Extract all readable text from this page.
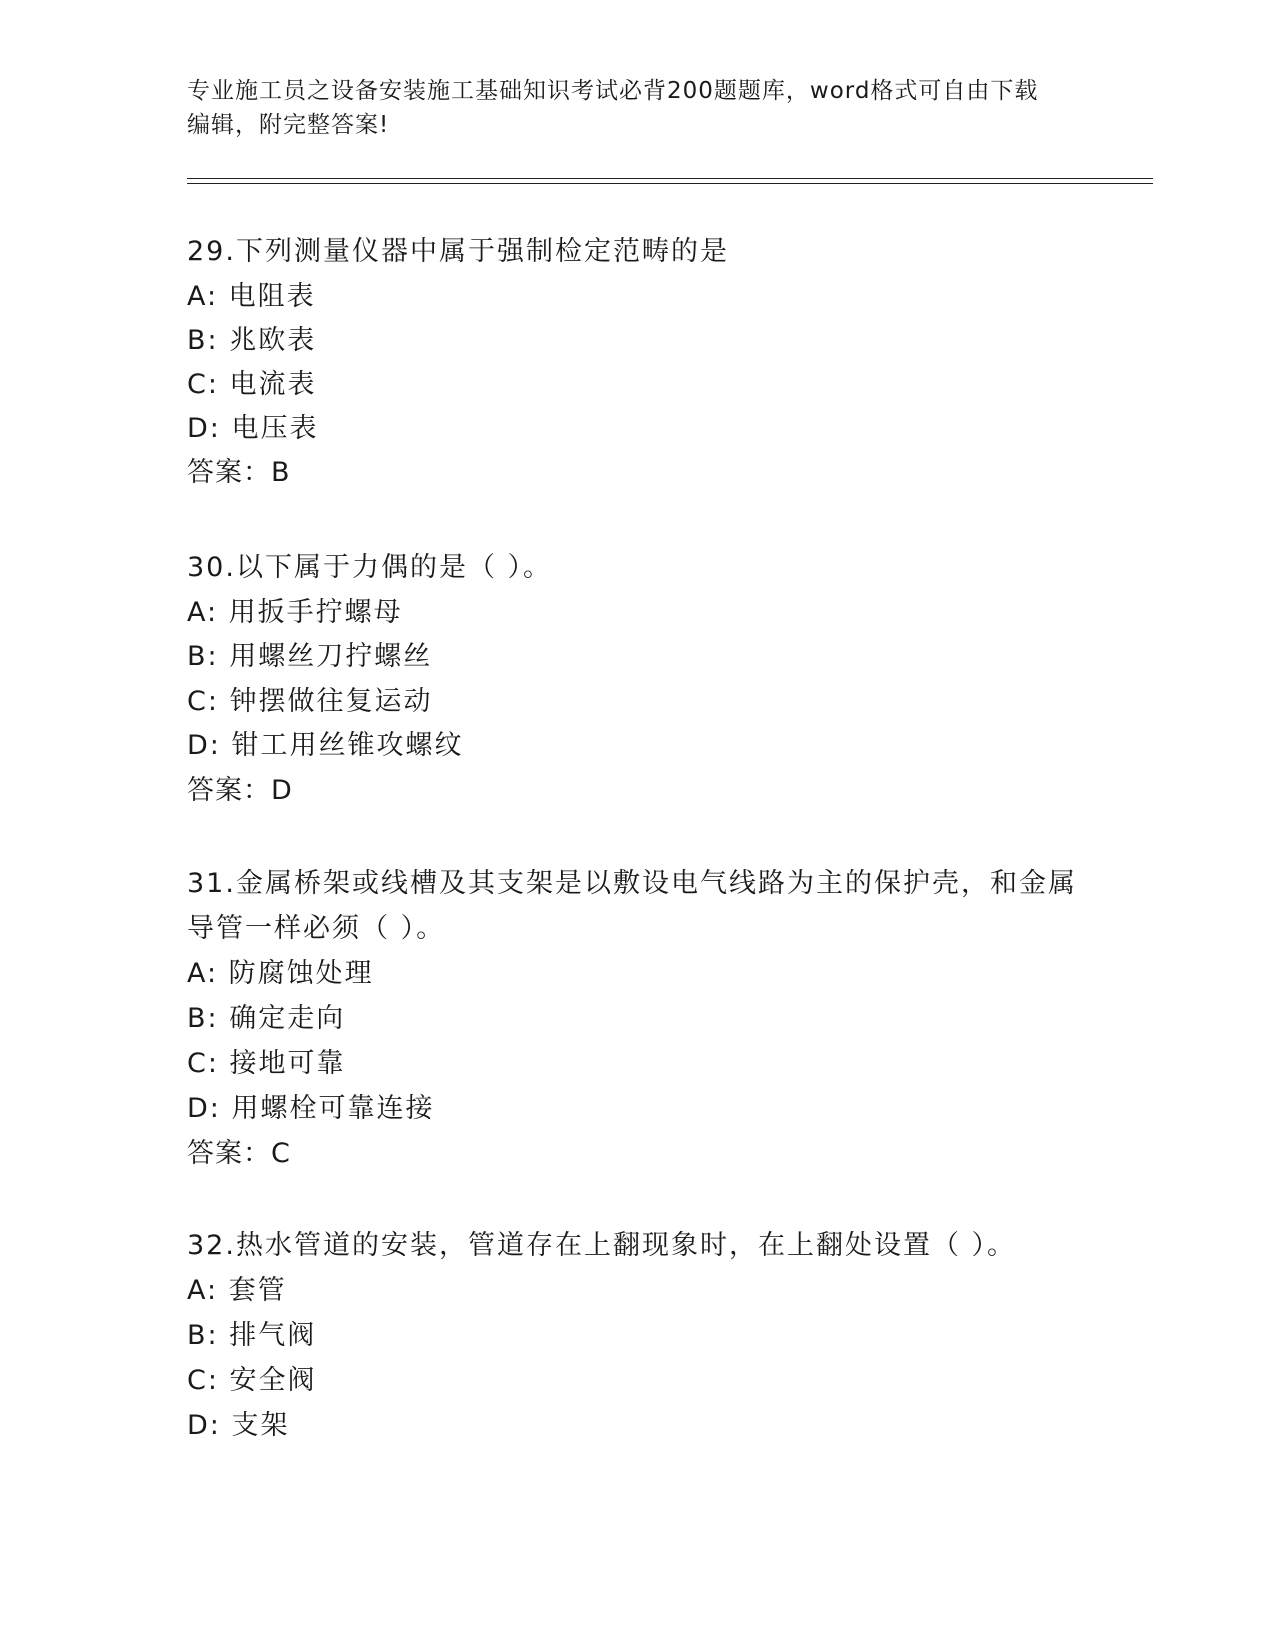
专业施工员之设备安装施工基础知识考试必背200题题库，word格式可自由下载
编辑，附完整答案!
29.下列测量仪器中属于强制检定范畴的是
A: 电阻表
B: 兆欧表
C: 电流表
D: 电压表
答案：B
30.以下属于力偶的是（ ）。
A: 用扳手拧螺母
B: 用螺丝刀拧螺丝
C: 钟摆做往复运动
D: 钳工用丝锥攻螺纹
答案：D
31.金属桥架或线槽及其支架是以敷设电气线路为主的保护壳，和金属
导管一样必须（ ）。
A: 防腐蚀处理
B: 确定走向
C: 接地可靠
D: 用螺栓可靠连接
答案：C
32.热水管道的安装，管道存在上翻现象时，在上翻处设置（ ）。
A: 套管
B: 排气阀
C: 安全阀
D: 支架
